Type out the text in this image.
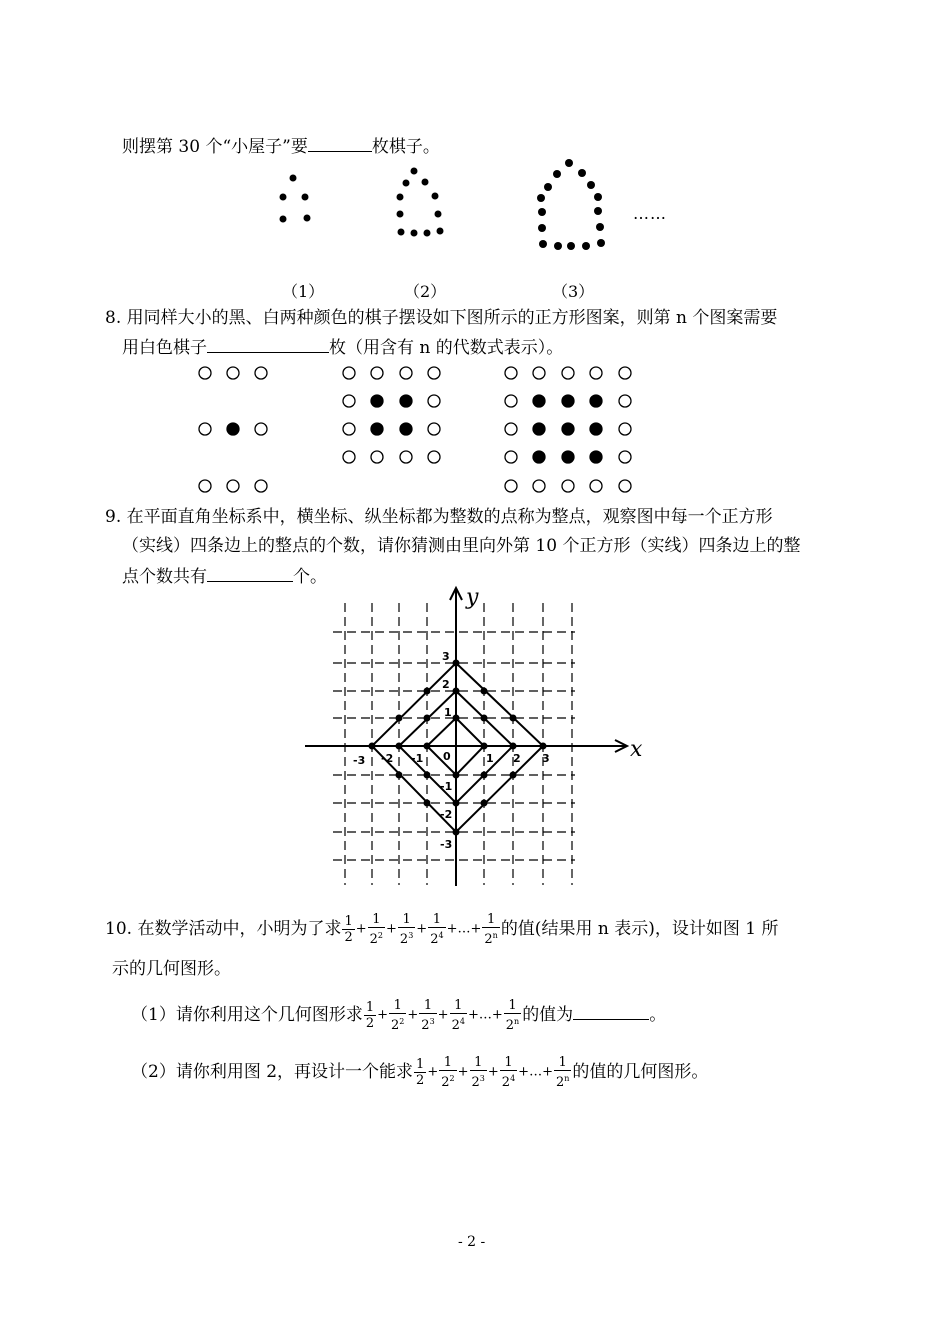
则摆第 30 个“小屋子”要	枚棋子。
……
（1）	（2）	（3）
8. 用同样大小的黑、白两种颜色的棋子摆设如下图所示的正方形图案，则第 n 个图案需要
用白色棋子	枚（用含有 n 的代数式表示）。
9. 在平面直角坐标系中，横坐标、纵坐标都为整数的点称为整点，观察图中每一个正方形
（实线）四条边上的整点的个数，请你猜测由里向外第 10 个正方形（实线）四条边上的整
点个数共有	个。
-3 -2 -1 0	1 2 3
3
2
1
-1
-2
-3
x
y
10. 在数学活动中，小明为了求 $\frac{1}{2} + \frac{1}{2^2} + \frac{1}{2^3} + \frac{1}{2^4}$ +…+ $\frac{1}{2^n}$ 的值(结果用 n 表示)，设计如图 1 所
示的几何图形。
（1）请你利用这个几何图形求 $\frac{1}{2} + \frac{1}{2^2} + \frac{1}{2^3} + \frac{1}{2^4}$ +…+ $\frac{1}{2^n}$ 的值为	。
（2）请你利用图 2，再设计一个能求 $\frac{1}{2} + \frac{1}{2^2} + \frac{1}{2^3} + \frac{1}{2^4}$ +…+ $\frac{1}{2^n}$ 的值的几何图形。
- 2 -
